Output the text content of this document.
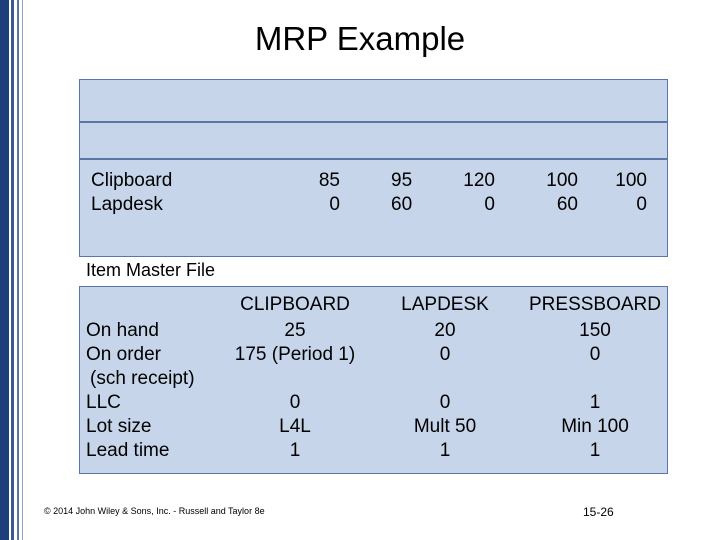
MRP Example
Clipboard
Lapdesk
85
0
95
60
120
0
100
60
100
0
Item Master File
On hand
On order
(sch receipt)
LLC
Lot size
Lead time
CLIPBOARD
25
175 (Period 1)
0
L4L
1
LAPDESK
20
0
0
Mult 50
1
PRESSBOARD
150
0
1
Min 100
1
© 2014 John Wiley & Sons, Inc. - Russell and Taylor 8e	15-26
